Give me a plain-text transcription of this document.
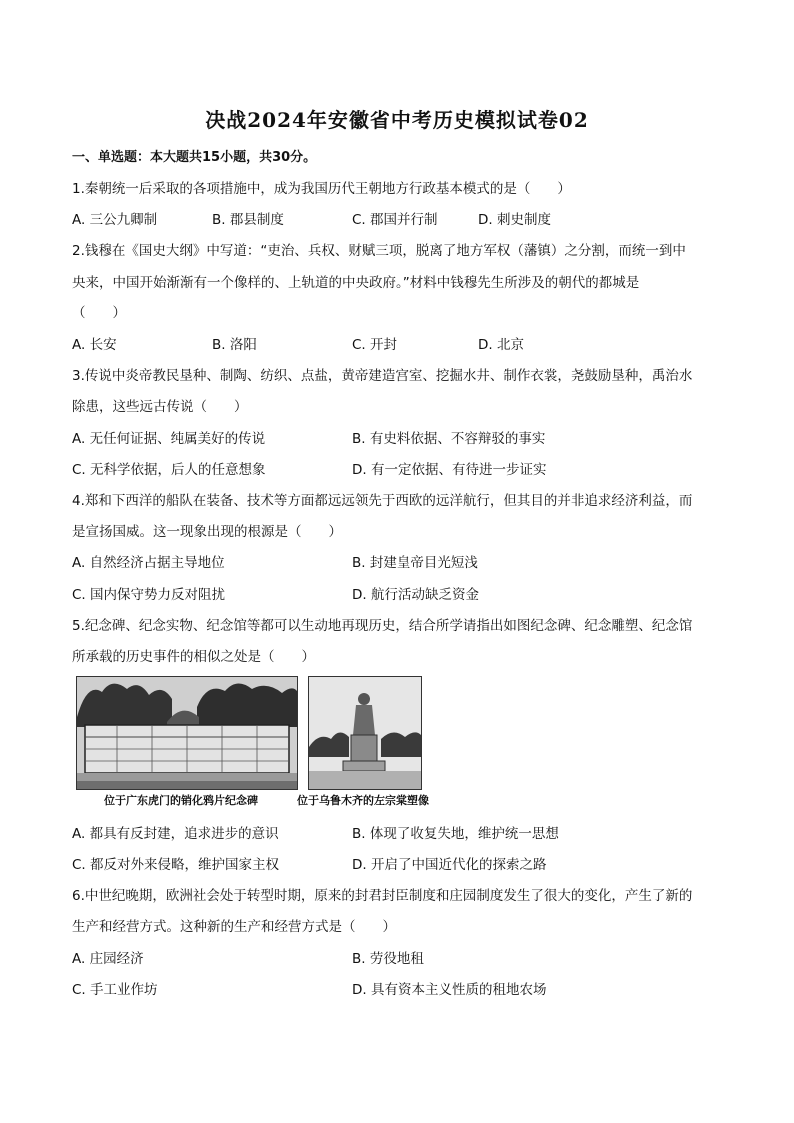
决战2024年安徽省中考历史模拟试卷02
一、单选题：本大题共15小题，共30分。
1.秦朝统一后采取的各项措施中，成为我国历代王朝地方行政基本模式的是（　　）
A. 三公九卿制	B. 郡县制度	C. 郡国并行制	D. 刺史制度
2.钱穆在《国史大纲》中写道：“吏治、兵权、财赋三项，脱离了地方军权（藩镇）之分割，而统一到中
央来，中国开始渐渐有一个像样的、上轨道的中央政府。”材料中钱穆先生所涉及的朝代的都城是
（　　）
A. 长安	B. 洛阳	C. 开封	D. 北京
3.传说中炎帝教民垦种、制陶、纺织、点盐，黄帝建造宫室、挖掘水井、制作衣裳，尧鼓励垦种，禹治水
除患，这些远古传说（　　）
A. 无任何证据、纯属美好的传说	B. 有史料依据、不容辩驳的事实
C. 无科学依据，后人的任意想象	D. 有一定依据、有待进一步证实
4.郑和下西洋的船队在装备、技术等方面都远远领先于西欧的远洋航行，但其目的并非追求经济利益，而
是宣扬国威。这一现象出现的根源是（　　）
A. 自然经济占据主导地位	B. 封建皇帝目光短浅
C. 国内保守势力反对阻扰	D. 航行活动缺乏资金
5.纪念碑、纪念实物、纪念馆等都可以生动地再现历史，结合所学请指出如图纪念碑、纪念雕塑、纪念馆
所承载的历史事件的相似之处是（　　）
位于广东虎门的销化鸦片纪念碑	位于乌鲁木齐的左宗棠塑像
A. 都具有反封建，追求进步的意识	B. 体现了收复失地，维护统一思想
C. 都反对外来侵略，维护国家主权	D. 开启了中国近代化的探索之路
6.中世纪晚期，欧洲社会处于转型时期，原来的封君封臣制度和庄园制度发生了很大的变化，产生了新的
生产和经营方式。这种新的生产和经营方式是（　　）
A. 庄园经济	B. 劳役地租
C. 手工业作坊	D. 具有资本主义性质的租地农场
